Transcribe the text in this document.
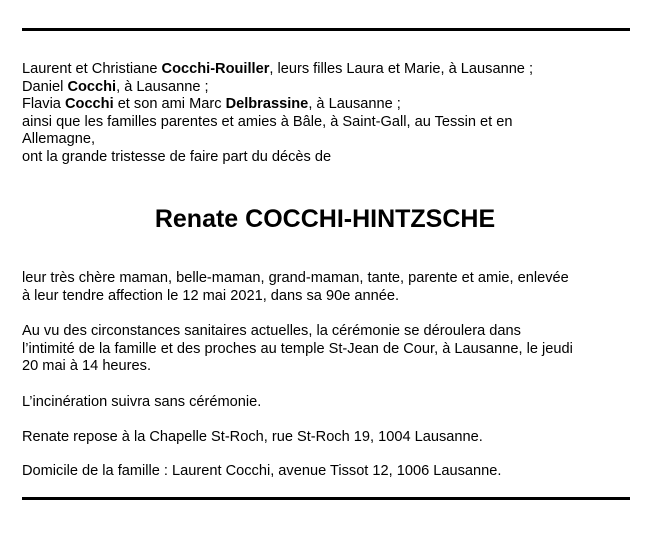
Laurent et Christiane Cocchi-Rouiller, leurs filles Laura et Marie, à Lausanne ;
Daniel Cocchi, à Lausanne ;
Flavia Cocchi et son ami Marc Delbrassine, à Lausanne ;
ainsi que les familles parentes et amies à Bâle, à Saint-Gall, au Tessin et en
Allemagne,
ont la grande tristesse de faire part du décès de
Renate COCCHI-HINTZSCHE
leur très chère maman, belle-maman, grand-maman, tante, parente et amie, enlevée
à leur tendre affection le 12 mai 2021, dans sa 90e année.
Au vu des circonstances sanitaires actuelles, la cérémonie se déroulera dans
l’intimité de la famille et des proches au temple St-Jean de Cour, à Lausanne, le jeudi
20 mai à 14 heures.
L’incinération suivra sans cérémonie.
Renate repose à la Chapelle St-Roch, rue St-Roch 19, 1004 Lausanne.
Domicile de la famille : Laurent Cocchi, avenue Tissot 12, 1006 Lausanne.
